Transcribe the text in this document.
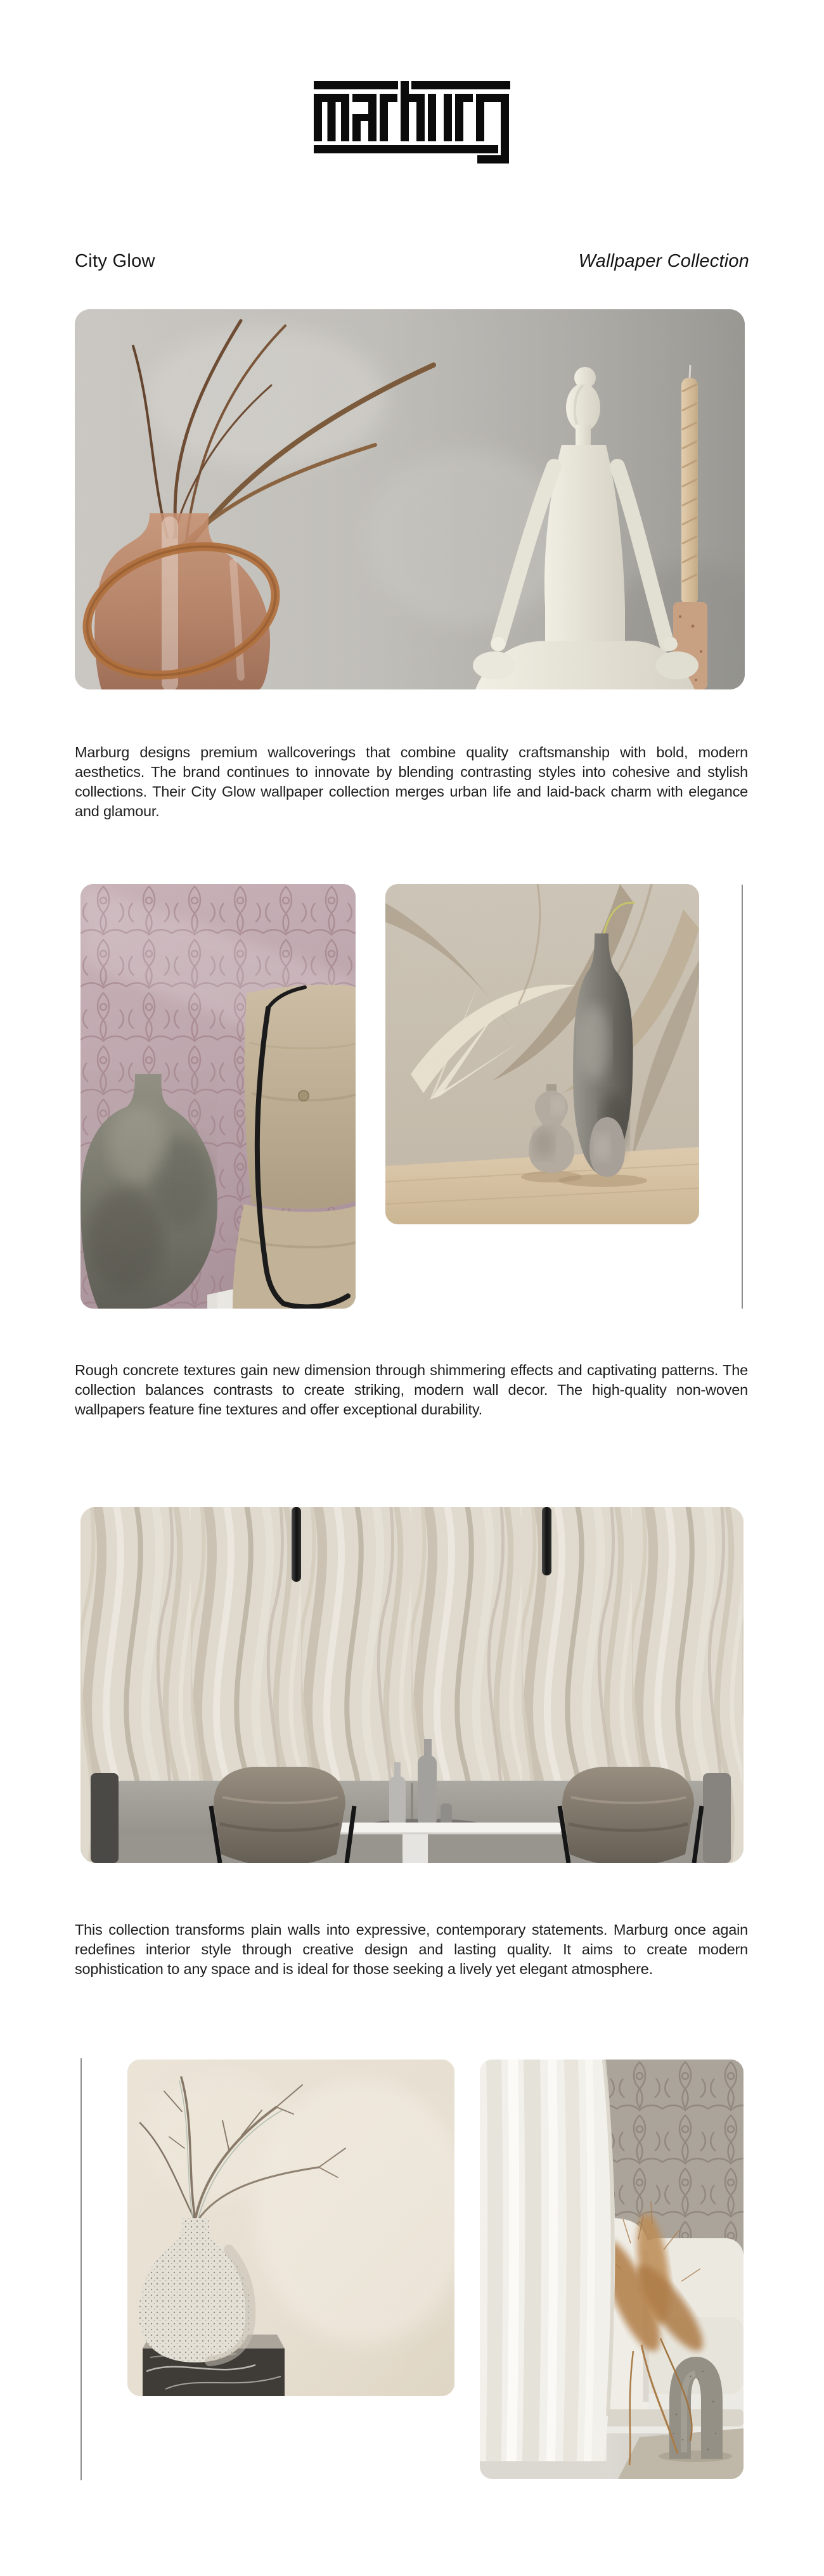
City Glow	Wallpaper Collection

Marburg designs premium wallcoverings that combine quality craftsmanship with bold, modern aesthetics. The brand continues to innovate by blending contrasting styles into cohesive and stylish collections. Their City Glow wallpaper collection merges urban life and laid-back charm with elegance and glamour.

Rough concrete textures gain new dimension through shimmering effects and captivating patterns. The collection balances contrasts to create striking, modern wall decor. The high-quality non-woven wallpapers feature fine textures and offer exceptional durability.

This collection transforms plain walls into expressive, contemporary statements. Marburg once again redefines interior style through creative design and lasting quality. It aims to create modern sophistication to any space and is ideal for those seeking a lively yet elegant atmosphere.
